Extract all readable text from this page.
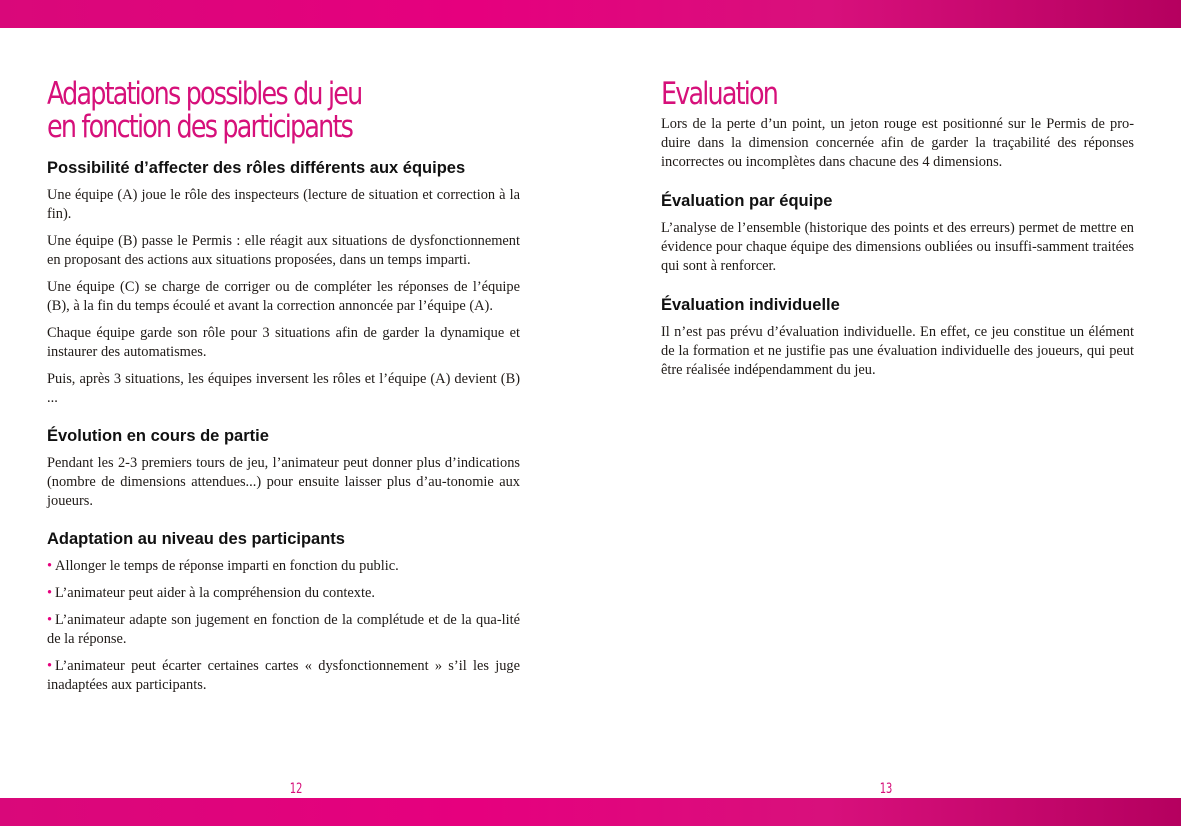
Adaptations possibles du jeu
en fonction des participants
Possibilité d’affecter des rôles différents aux équipes

Une équipe (A) joue le rôle des inspecteurs (lecture de situation et correction à la fin).

Une équipe (B) passe le Permis : elle réagit aux situations de dysfonctionnement en proposant des actions aux situations proposées, dans un temps imparti.

Une équipe (C) se charge de corriger ou de compléter les réponses de l’équipe (B), à la fin du temps écoulé et avant la correction annoncée par l’équipe (A).

Chaque équipe garde son rôle pour 3 situations afin de garder la dynamique et instaurer des automatismes.

Puis, après 3 situations, les équipes inversent les rôles et l’équipe (A) devient (B) ...

Évolution en cours de partie

Pendant les 2-3 premiers tours de jeu, l’animateur peut donner plus d’indications (nombre de dimensions attendues...) pour ensuite laisser plus d’au-tonomie aux joueurs.

Adaptation au niveau des participants
• Allonger le temps de réponse imparti en fonction du public.
• L’animateur peut aider à la compréhension du contexte.
• L’animateur adapte son jugement en fonction de la complétude et de la qua-lité de la réponse.
• L’animateur peut écarter certaines cartes « dysfonctionnement » s’il les juge inadaptées aux participants.
Evaluation

Lors de la perte d’un point, un jeton rouge est positionné sur le Permis de pro-duire dans la dimension concernée afin de garder la traçabilité des réponses incorrectes ou incomplètes dans chacune des 4 dimensions.

Évaluation par équipe

L’analyse de l’ensemble (historique des points et des erreurs) permet de mettre en évidence pour chaque équipe des dimensions oubliées ou insuffi-samment traitées qui sont à renforcer.

Évaluation individuelle

Il n’est pas prévu d’évaluation individuelle. En effet, ce jeu constitue un élément de la formation et ne justifie pas une évaluation individuelle des joueurs, qui peut être réalisée indépendamment du jeu.

12	13
